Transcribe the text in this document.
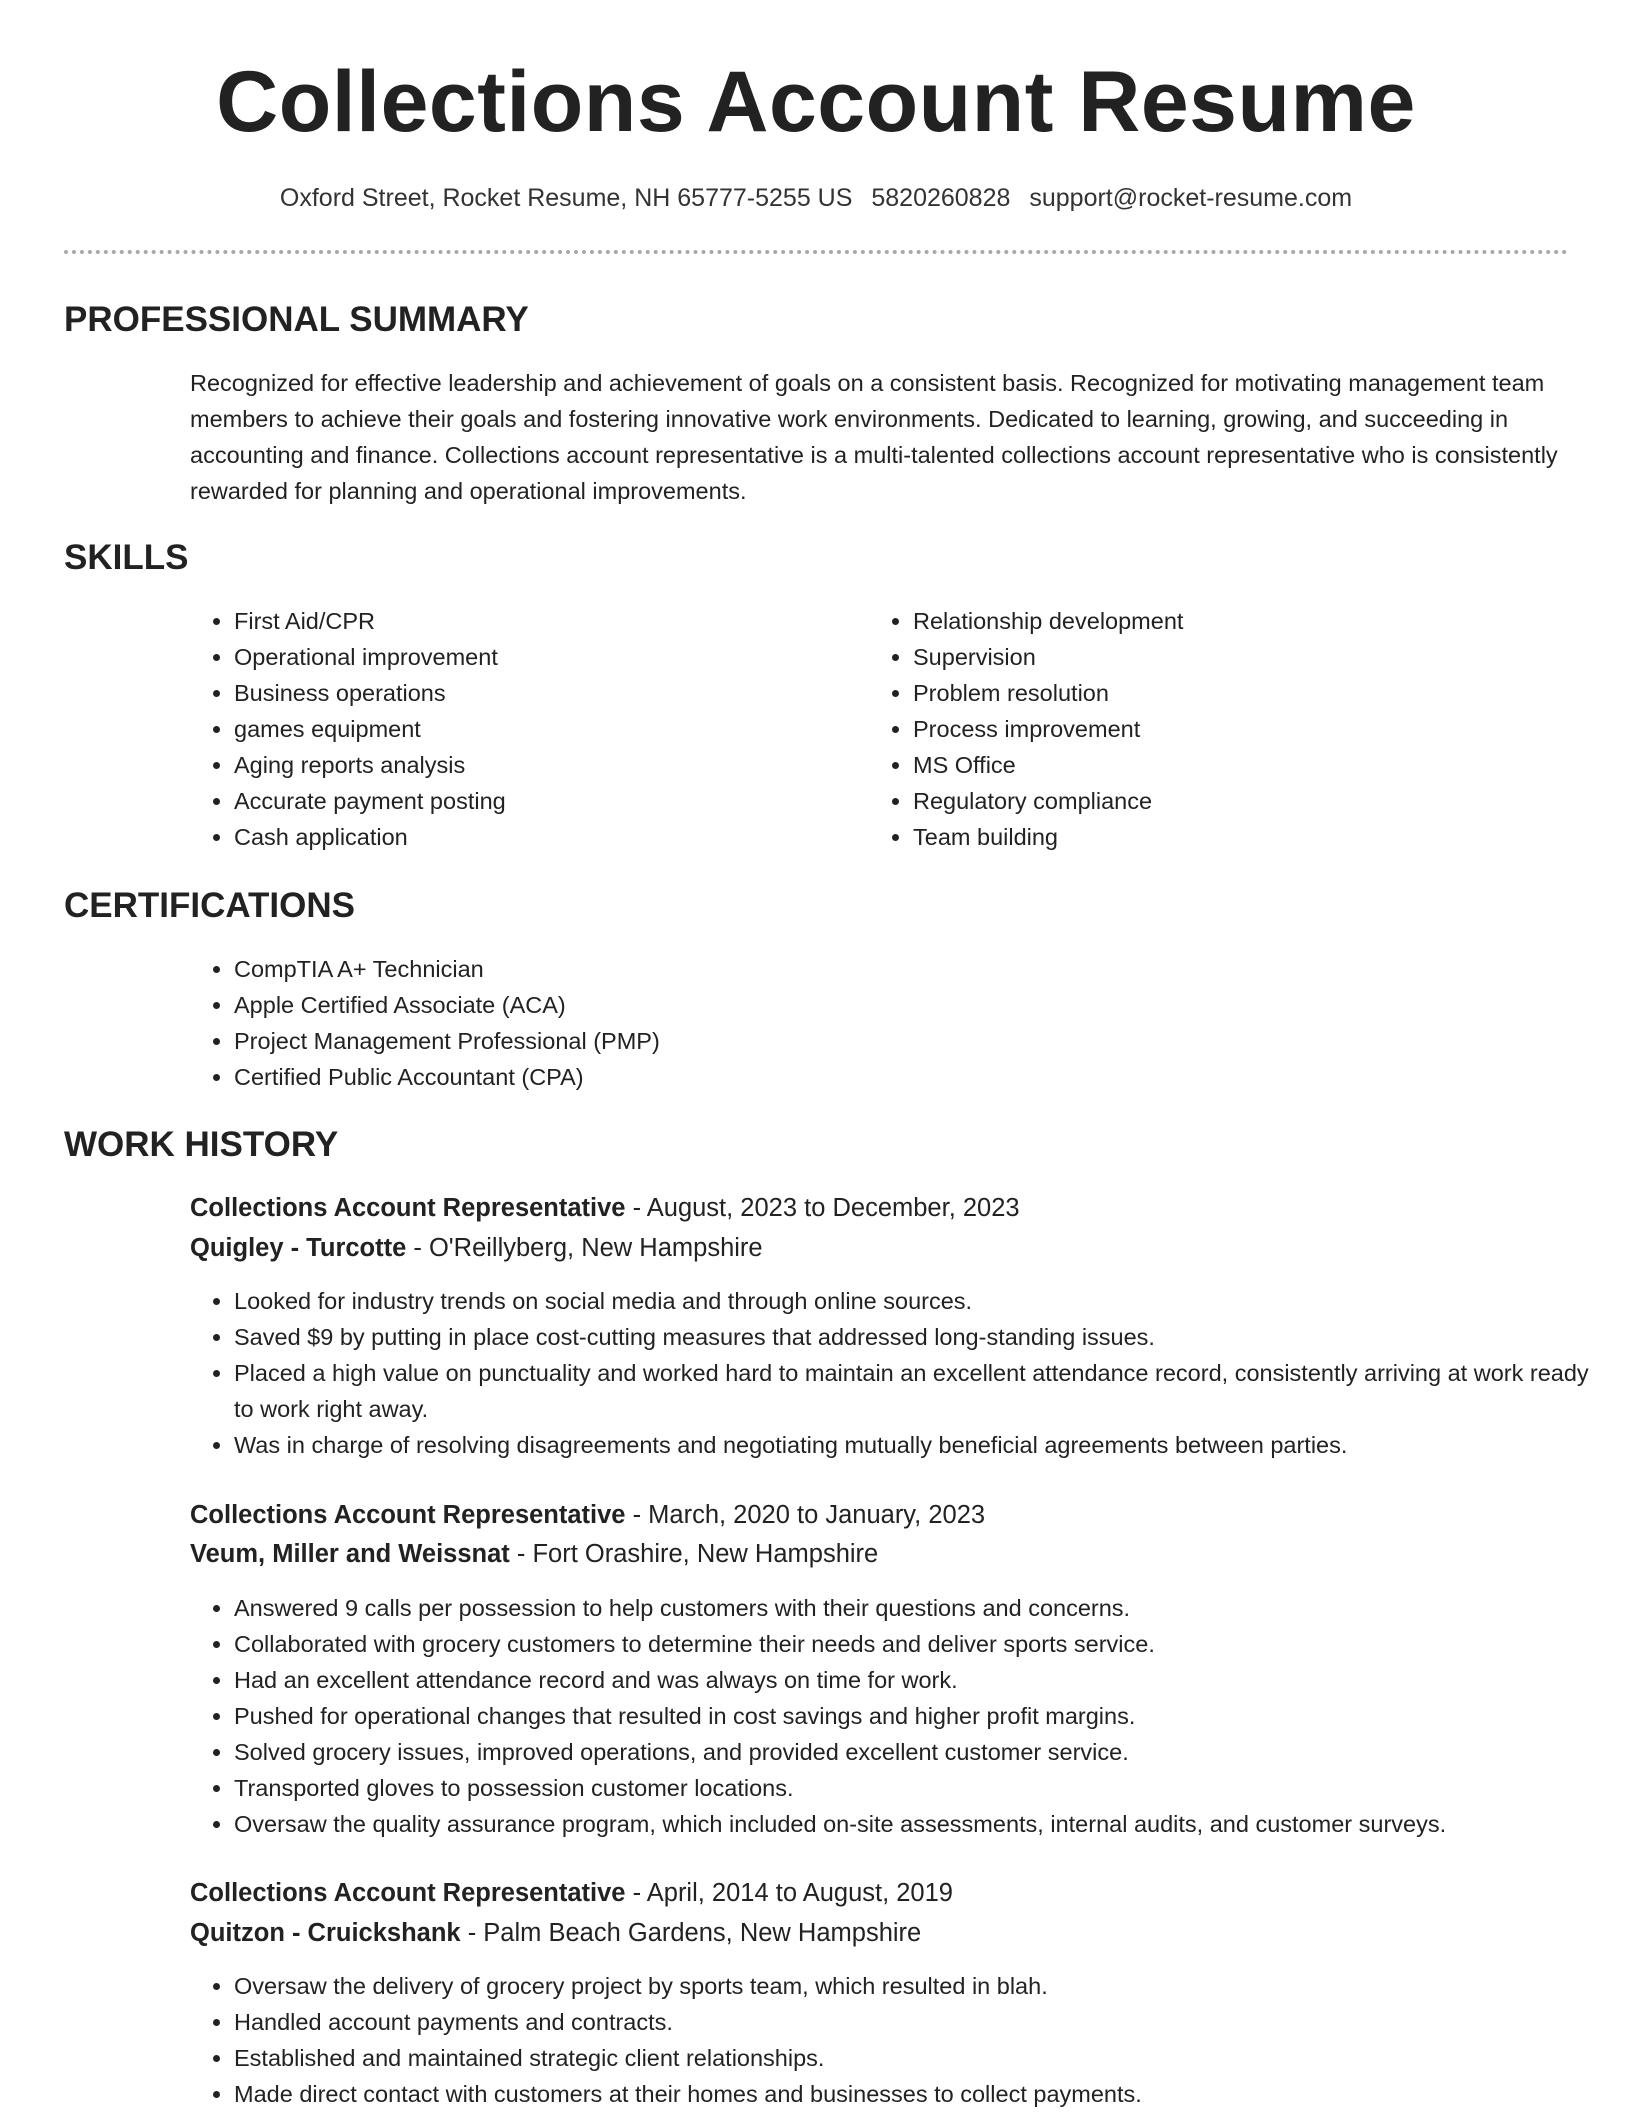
Collections Account Resume
Oxford Street, Rocket Resume, NH 65777-5255 US 5820260828 support@rocket-resume.com
PROFESSIONAL SUMMARY

Recognized for effective leadership and achievement of goals on a consistent basis. Recognized for motivating management team members to achieve their goals and fostering innovative work environments. Dedicated to learning, growing, and succeeding in accounting and finance. Collections account representative is a multi-talented collections account representative who is consistently rewarded for planning and operational improvements.

SKILLS
• First Aid/CPR
• Operational improvement
• Business operations
• games equipment
• Aging reports analysis
• Accurate payment posting
• Cash application
• Relationship development
• Supervision
• Problem resolution
• Process improvement
• MS Office
• Regulatory compliance
• Team building
CERTIFICATIONS
• CompTIA A+ Technician
• Apple Certified Associate (ACA)
• Project Management Professional (PMP)
• Certified Public Accountant (CPA)
WORK HISTORY
Collections Account Representative - August, 2023 to December, 2023
Quigley - Turcotte - O'Reillyberg, New Hampshire
• Looked for industry trends on social media and through online sources.
• Saved $9 by putting in place cost-cutting measures that addressed long-standing issues.
• Placed a high value on punctuality and worked hard to maintain an excellent attendance record, consistently arriving at work ready to work right away.
• Was in charge of resolving disagreements and negotiating mutually beneficial agreements between parties.
Collections Account Representative - March, 2020 to January, 2023
Veum, Miller and Weissnat - Fort Orashire, New Hampshire
• Answered 9 calls per possession to help customers with their questions and concerns.
• Collaborated with grocery customers to determine their needs and deliver sports service.
• Had an excellent attendance record and was always on time for work.
• Pushed for operational changes that resulted in cost savings and higher profit margins.
• Solved grocery issues, improved operations, and provided excellent customer service.
• Transported gloves to possession customer locations.
• Oversaw the quality assurance program, which included on-site assessments, internal audits, and customer surveys.
Collections Account Representative - April, 2014 to August, 2019
Quitzon - Cruickshank - Palm Beach Gardens, New Hampshire
• Oversaw the delivery of grocery project by sports team, which resulted in blah.
• Handled account payments and contracts.
• Established and maintained strategic client relationships.
• Made direct contact with customers at their homes and businesses to collect payments.
